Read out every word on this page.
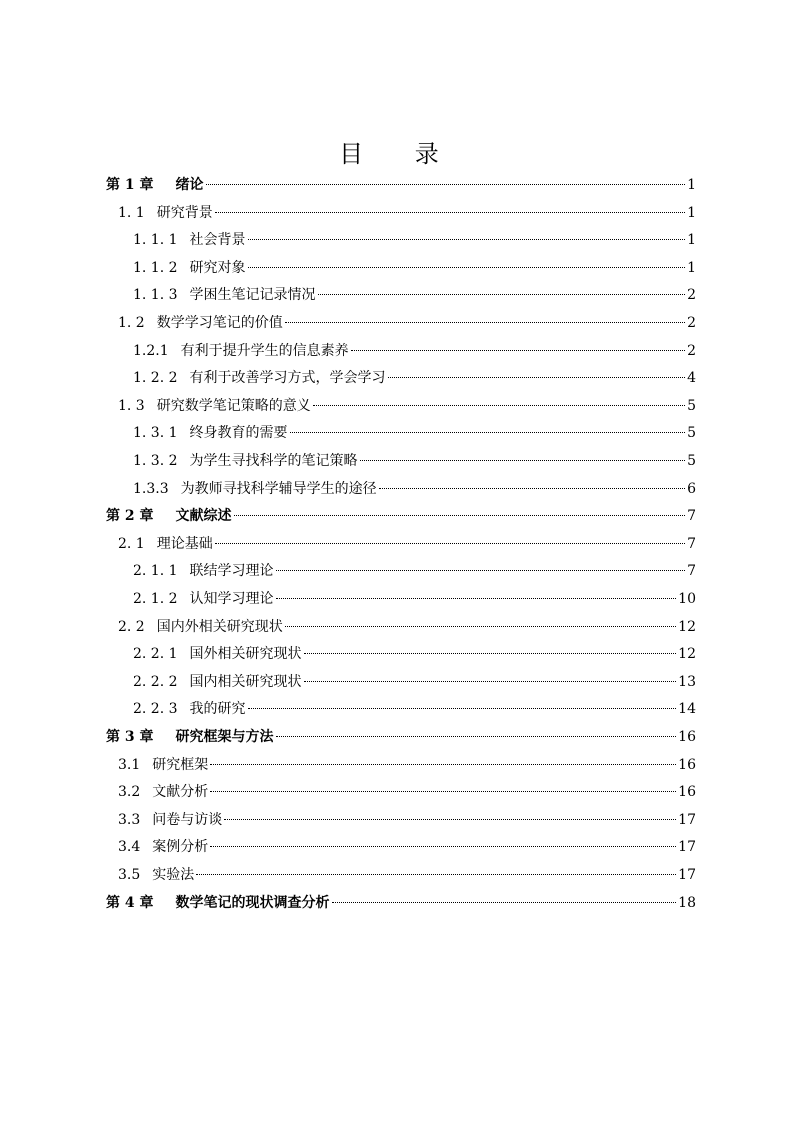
目 录
第 1 章 绪论	1
1. 1 研究背景	1
1. 1. 1 社会背景	1
1. 1. 2 研究对象	1
1. 1. 3 学困生笔记记录情况	2
1. 2 数学学习笔记的价值	2
1.2.1 有利于提升学生的信息素养	2
1. 2. 2 有利于改善学习方式，学会学习	4
1. 3 研究数学笔记策略的意义	5
1. 3. 1 终身教育的需要	5
1. 3. 2 为学生寻找科学的笔记策略	5
1.3.3 为教师寻找科学辅导学生的途径	6
第 2 章 文献综述	7
2. 1 理论基础	7
2. 1. 1 联结学习理论	7
2. 1. 2 认知学习理论	10
2. 2 国内外相关研究现状	12
2. 2. 1 国外相关研究现状	12
2. 2. 2 国内相关研究现状	13
2. 2. 3 我的研究	14
第 3 章 研究框架与方法	16
3.1 研究框架	16
3.2 文献分析	16
3.3 问卷与访谈	17
3.4 案例分析	17
3.5 实验法	17
第 4 章 数学笔记的现状调查分析	18
